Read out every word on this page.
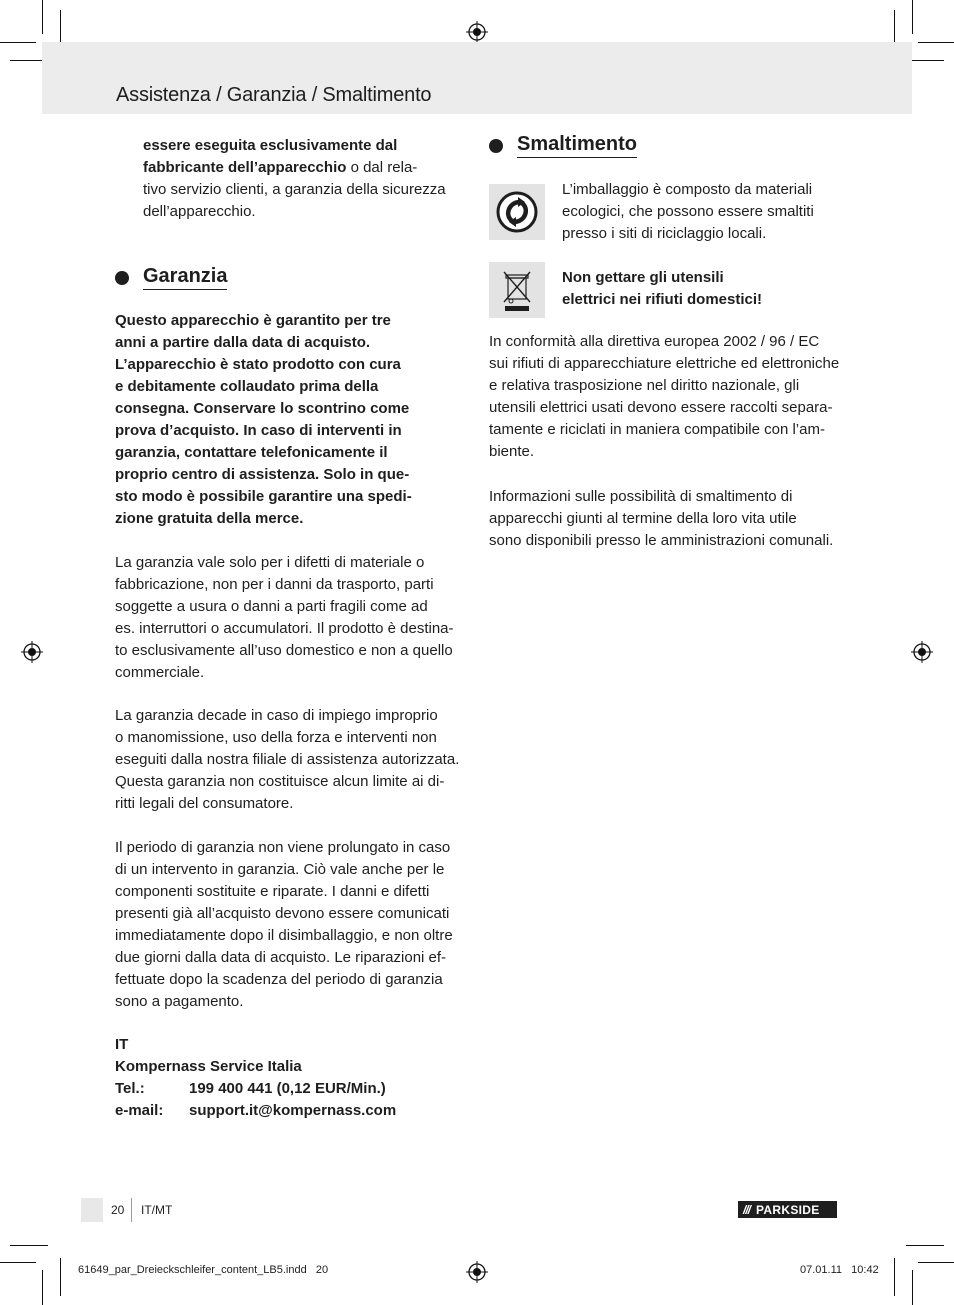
Assistenza / Garanzia / Smaltimento

essere eseguita esclusivamente dal

fabbricante dell’apparecchio o dal rela-

tivo servizio clienti, a garanzia della sicurezza

dell’apparecchio.

Garanzia

Questo apparecchio è garantito per tre

anni a partire dalla data di acquisto.

L’apparecchio è stato prodotto con cura

e debitamente collaudato prima della

consegna. Conservare lo scontrino come

prova d’acquisto. In caso di interventi in

garanzia, contattare telefonicamente il

proprio centro di assistenza. Solo in que-

sto modo è possibile garantire una spedi-

zione gratuita della merce.

La garanzia vale solo per i difetti di materiale o

fabbricazione, non per i danni da trasporto, parti

soggette a usura o danni a parti fragili come ad

es. interruttori o accumulatori. Il prodotto è destina-

to esclusivamente all’uso domestico e non a quello

commerciale.

La garanzia decade in caso di impiego improprio

o manomissione, uso della forza e interventi non

eseguiti dalla nostra filiale di assistenza autorizzata.

Questa garanzia non costituisce alcun limite ai di-

ritti legali del consumatore.

Il periodo di garanzia non viene prolungato in caso

di un intervento in garanzia. Ciò vale anche per le

componenti sostituite e riparate. I danni e difetti

presenti già all’acquisto devono essere comunicati

immediatamente dopo il disimballaggio, e non oltre

due giorni dalla data di acquisto. Le riparazioni ef-

fettuate dopo la scadenza del periodo di garanzia

sono a pagamento.

IT

Kompernass Service Italia

Tel.:	199 400 441 (0,12 EUR/Min.)
e-mail:	support.it@kompernass.com
Smaltimento

L’imballaggio è composto da materiali

ecologici, che possono essere smaltiti

presso i siti di riciclaggio locali.

Non gettare gli utensili

elettrici nei rifiuti domestici!

In conformità alla direttiva europea 2002 / 96 / EC

sui rifiuti di apparecchiature elettriche ed elettroniche

e relativa trasposizione nel diritto nazionale, gli

utensili elettrici usati devono essere raccolti separa-

tamente e riciclati in maniera compatibile con l’am-

biente.

Informazioni sulle possibilità di smaltimento di

apparecchi giunti al termine della loro vita utile

sono disponibili presso le amministrazioni comunali.

20 IT/MT	/// PARKSIDE
61649_par_Dreieckschleifer_content_LB5.indd   20	07.01.11   10:42
